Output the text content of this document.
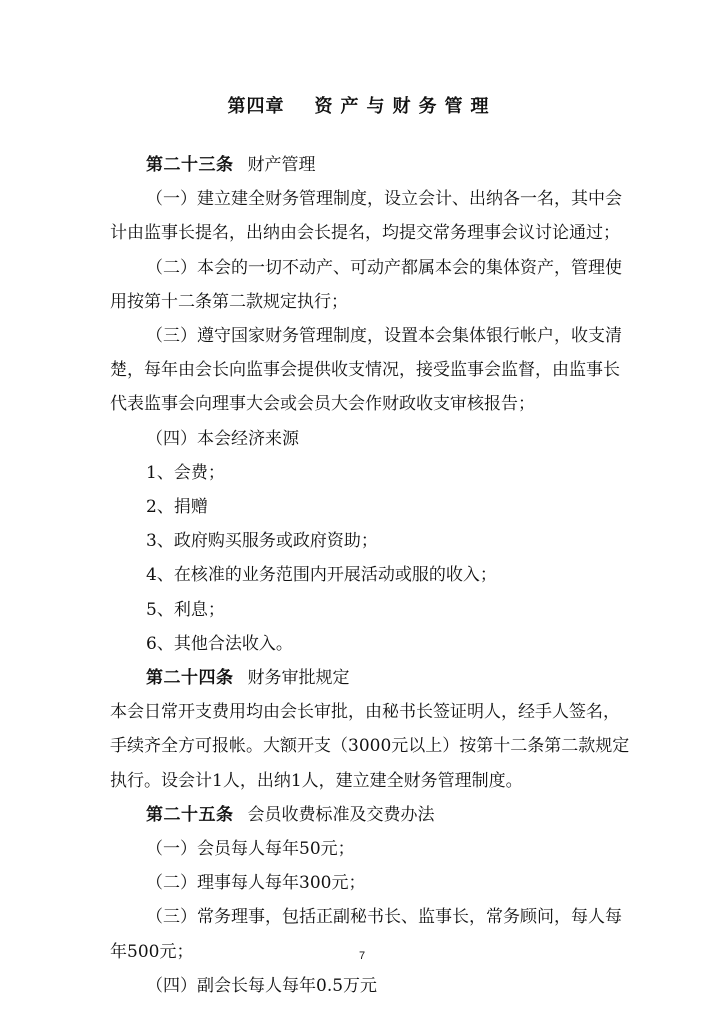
第四章 资产与财务管理

第二十三条 财产管理

（一）建立建全财务管理制度，设立会计、出纳各一名，其中会计由监事长提名，出纳由会长提名，均提交常务理事会议讨论通过；

（二）本会的一切不动产、可动产都属本会的集体资产，管理使用按第十二条第二款规定执行；

（三）遵守国家财务管理制度，设置本会集体银行帐户，收支清楚，每年由会长向监事会提供收支情况，接受监事会监督，由监事长代表监事会向理事大会或会员大会作财政收支审核报告；

（四）本会经济来源

1、会费；

2、捐赠

3、政府购买服务或政府资助；

4、在核准的业务范围内开展活动或服的收入；

5、利息；

6、其他合法收入。

第二十四条 财务审批规定

本会日常开支费用均由会长审批，由秘书长签证明人，经手人签名，手续齐全方可报帐。大额开支（3000元以上）按第十二条第二款规定执行。设会计1人，出纳1人，建立建全财务管理制度。

第二十五条 会员收费标准及交费办法

（一）会员每人每年50元；

（二）理事每人每年300元；

（三）常务理事，包括正副秘书长、监事长，常务顾问，每人每年500元；

（四）副会长每人每年0.5万元

7
